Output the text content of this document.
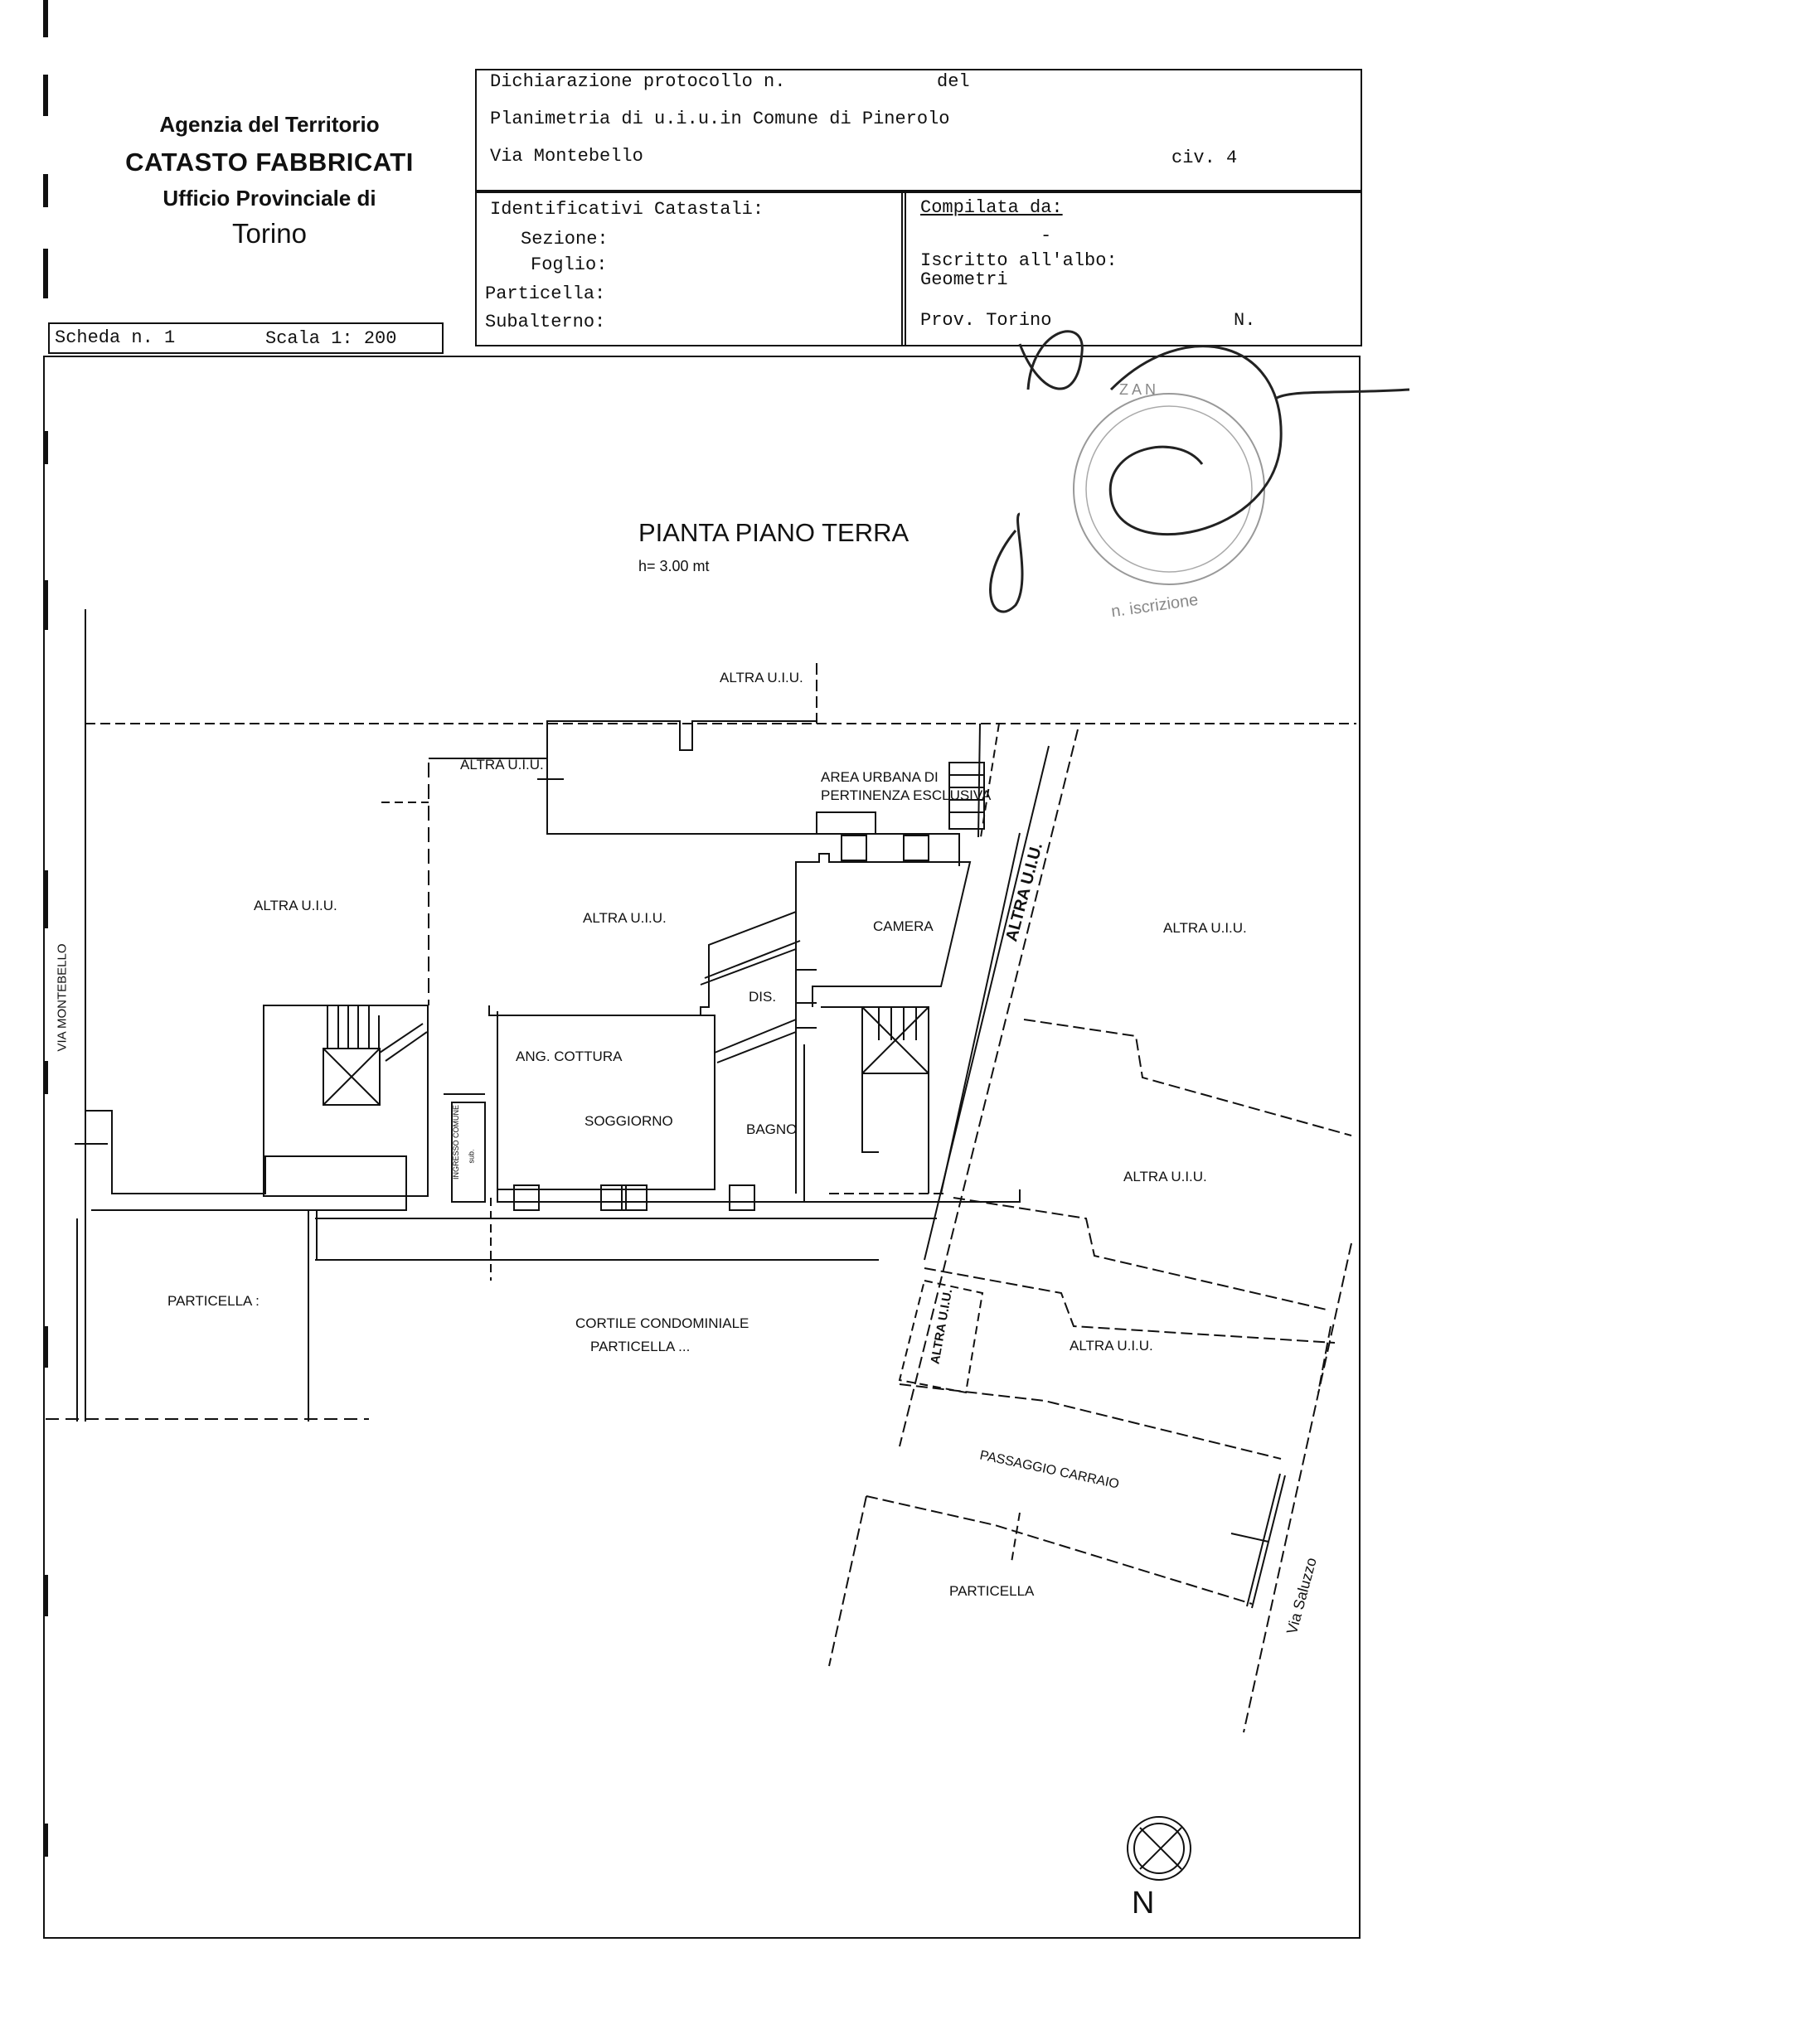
Agenzia del Territorio
CATASTO FABBRICATI
Ufficio Provinciale di
Torino
Dichiarazione protocollo n.	del
Planimetria di u.i.u.in Comune di Pinerolo
Via Montebello	civ. 4
Identificativi Catastali:
Sezione:
Foglio:
Particella:
Subalterno:
Compilata da:
-
Iscritto all'albo:
Geometri
Prov. Torino	N.
Scheda n. 1	Scala 1: 200
PIANTA PIANO TERRA
h= 3.00 mt
ALTRA U.I.U.
ALTRA U.I.U.
AREA URBANA DI
PERTINENZA ESCLUSIVA
ALTRA U.I.U.
ALTRA U.I.U.
CAMERA	ALTRA U.I.U.	ALTRA U.I.U.
DIS.
ANG. COTTURA
SOGGIORNO
BAGNO
INGRESSO COMUNE sub.
VIA MONTEBELLO
ALTRA U.I.U.
PARTICELLA :
CORTILE CONDOMINIALE
PARTICELLA ...	ALTRA U.I.U.	ALTRA U.I.U.
PASSAGGIO CARRAIO
PARTICELLA	Via Saluzzo
N
Z A N
n. iscrizione
